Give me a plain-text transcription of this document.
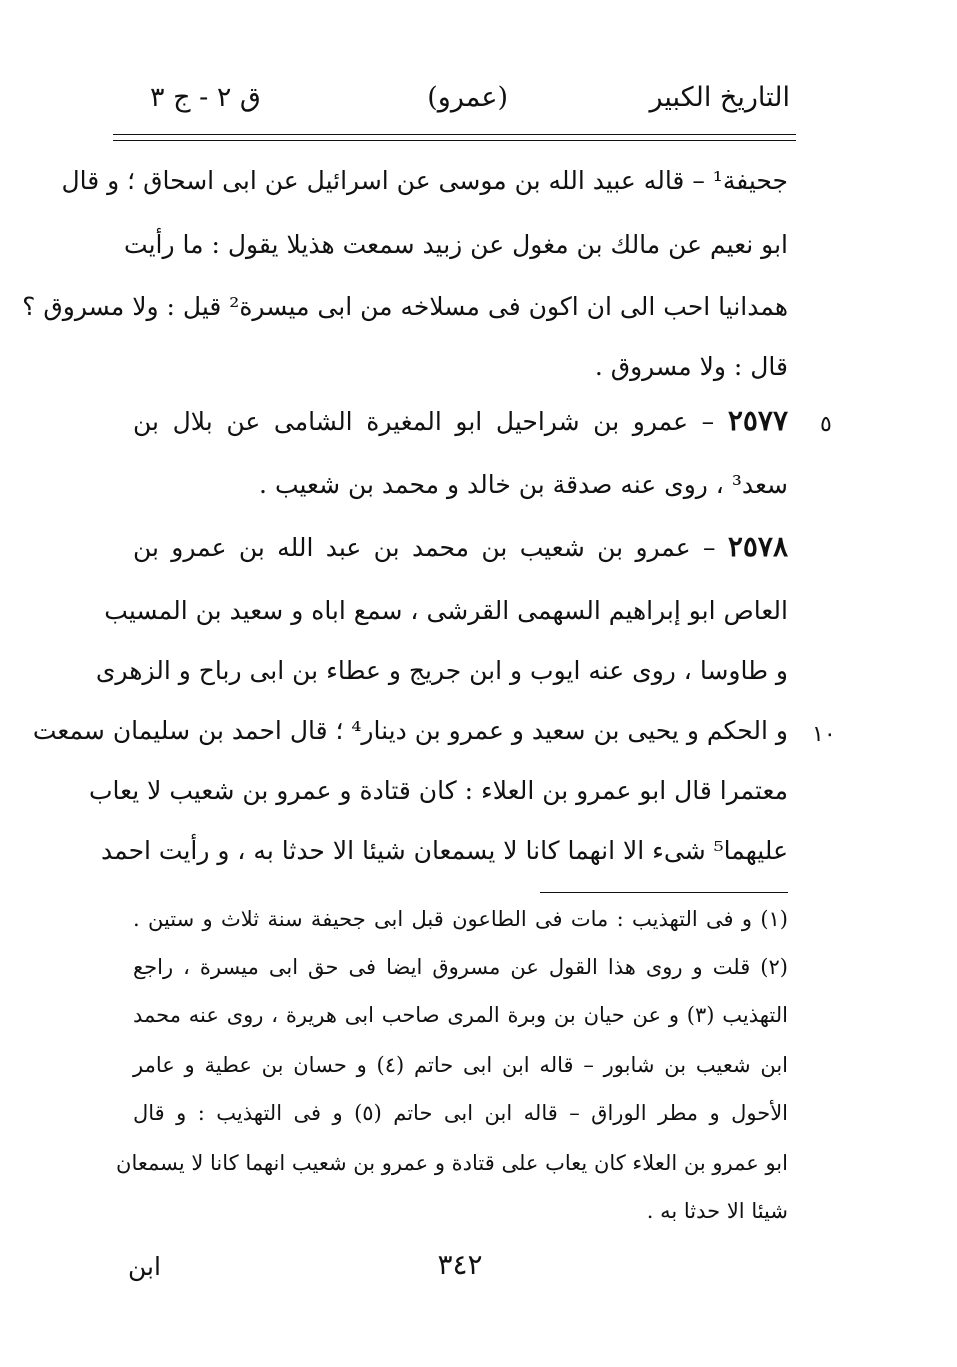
التاريخ الكبير
(عمرو)
ق ٢ - ج ٣
جحيفة¹ – قاله عبيد الله بن موسى عن اسرائيل عن ابى اسحاق ؛ و قال
ابو نعيم عن مالك بن مغول عن زبيد سمعت هذيلا يقول : ما رأيت
همدانيا احب الى ان اكون فى مسلاخه من ابى ميسرة² قيل : ولا مسروق ؟
قال : ولا مسروق .
٢٥٧٧ – عمرو بن شراحيل ابو المغيرة الشامى عن بلال بن
سعد³ ، روى عنه صدقة بن خالد و محمد بن شعيب .
٢٥٧٨ – عمرو بن شعيب بن محمد بن عبد الله بن عمرو بن
العاص ابو إبراهيم السهمى القرشى ، سمع اباه و سعيد بن المسيب
و طاوسا ، روى عنه ايوب و ابن جريج و عطاء بن ابى رباح و الزهرى
و الحكم و يحيى بن سعيد و عمرو بن دينار⁴ ؛ قال احمد بن سليمان سمعت
معتمرا قال ابو عمرو بن العلاء : كان قتادة و عمرو بن شعيب لا يعاب
عليهما⁵ شىء الا انهما كانا لا يسمعان شيئا الا حدثا به ، و رأيت احمد
٥
١٠
(١) و فى التهذيب : مات فى الطاعون قبل ابى جحيفة سنة ثلاث و ستين .
(٢) قلت و روى هذا القول عن مسروق ايضا فى حق ابى ميسرة ، راجع
التهذيب (٣) و عن حيان بن وبرة المرى صاحب ابى هريرة ، روى عنه محمد
ابن شعيب بن شابور – قاله ابن ابى حاتم (٤) و حسان بن عطية و عامر
الأحول و مطر الوراق – قاله ابن ابى حاتم (٥) و فى التهذيب : و قال
ابو عمرو بن العلاء كان يعاب على قتادة و عمرو بن شعيب انهما كانا لا يسمعان
شيئا الا حدثا به .
٣٤٢
ابن
